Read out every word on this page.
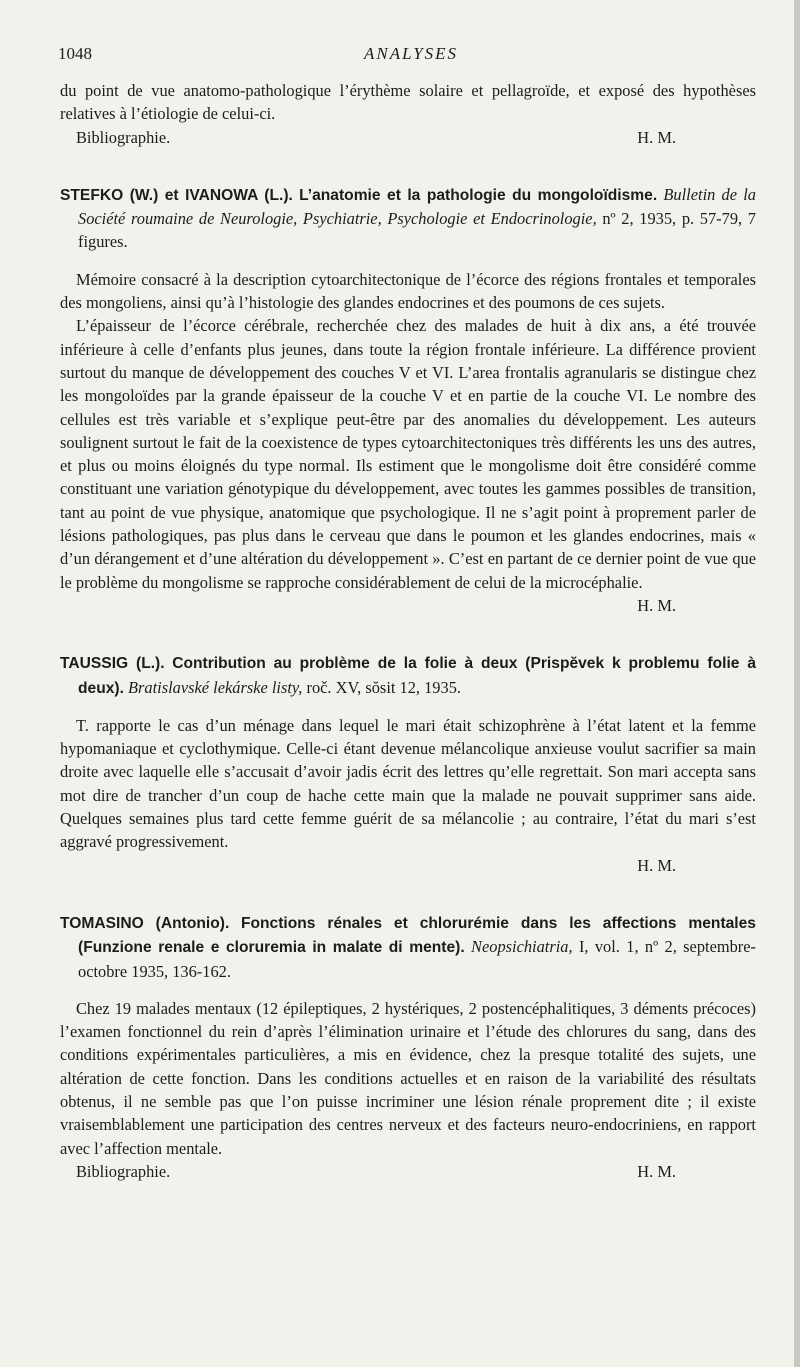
1048	ANALYSES

du point de vue anatomo-pathologique l’érythème solaire et pellagroïde, et exposé des hypothèses relatives à l’étiologie de celui-ci.

Bibliographie.	H. M.

STEFKO (W.) et IVANOWA (L.). L’anatomie et la pathologie du mongoloïdisme. Bulletin de la Société roumaine de Neurologie, Psychiatrie, Psychologie et Endocrinologie, nº 2, 1935, p. 57-79, 7 figures.

Mémoire consacré à la description cytoarchitectonique de l’écorce des régions frontales et temporales des mongoliens, ainsi qu’à l’histologie des glandes endocrines et des poumons de ces sujets.

L’épaisseur de l’écorce cérébrale, recherchée chez des malades de huit à dix ans, a été trouvée inférieure à celle d’enfants plus jeunes, dans toute la région frontale inférieure. La différence provient surtout du manque de développement des couches V et VI. L’area frontalis agranularis se distingue chez les mongoloïdes par la grande épaisseur de la couche V et en partie de la couche VI. Le nombre des cellules est très variable et s’explique peut-être par des anomalies du développement. Les auteurs soulignent surtout le fait de la coexistence de types cytoarchitectoniques très différents les uns des autres, et plus ou moins éloignés du type normal. Ils estiment que le mongolisme doit être considéré comme constituant une variation génotypique du développement, avec toutes les gammes possibles de transition, tant au point de vue physique, anatomique que psychologique. Il ne s’agit point à proprement parler de lésions pathologiques, pas plus dans le cerveau que dans le poumon et les glandes endocrines, mais « d’un dérangement et d’une altération du développement ». C’est en partant de ce dernier point de vue que le problème du mongolisme se rapproche considérablement de celui de la microcéphalie.

H. M.

TAUSSIG (L.). Contribution au problème de la folie à deux (Prispĕvek k problemu folie à deux). Bratislavské lekárske listy, roč. XV, sŏsit 12, 1935.

T. rapporte le cas d’un ménage dans lequel le mari était schizophrène à l’état latent et la femme hypomaniaque et cyclothymique. Celle-ci étant devenue mélancolique anxieuse voulut sacrifier sa main droite avec laquelle elle s’accusait d’avoir jadis écrit des lettres qu’elle regrettait. Son mari accepta sans mot dire de trancher d’un coup de hache cette main que la malade ne pouvait supprimer sans aide. Quelques semaines plus tard cette femme guérit de sa mélancolie ; au contraire, l’état du mari s’est aggravé progressivement.

H. M.

TOMASINO (Antonio). Fonctions rénales et chlorurémie dans les affections mentales (Funzione renale e cloruremia in malate di mente). Neopsichiatria, I, vol. 1, nº 2, septembre-octobre 1935, 136-162.

Chez 19 malades mentaux (12 épileptiques, 2 hystériques, 2 postencéphalitiques, 3 déments précoces) l’examen fonctionnel du rein d’après l’élimination urinaire et l’étude des chlorures du sang, dans des conditions expérimentales particulières, a mis en évidence, chez la presque totalité des sujets, une altération de cette fonction. Dans les conditions actuelles et en raison de la variabilité des résultats obtenus, il ne semble pas que l’on puisse incriminer une lésion rénale proprement dite ; il existe vraisemblablement une participation des centres nerveux et des facteurs neuro-endocriniens, en rapport avec l’affection mentale.

Bibliographie.	H. M.
